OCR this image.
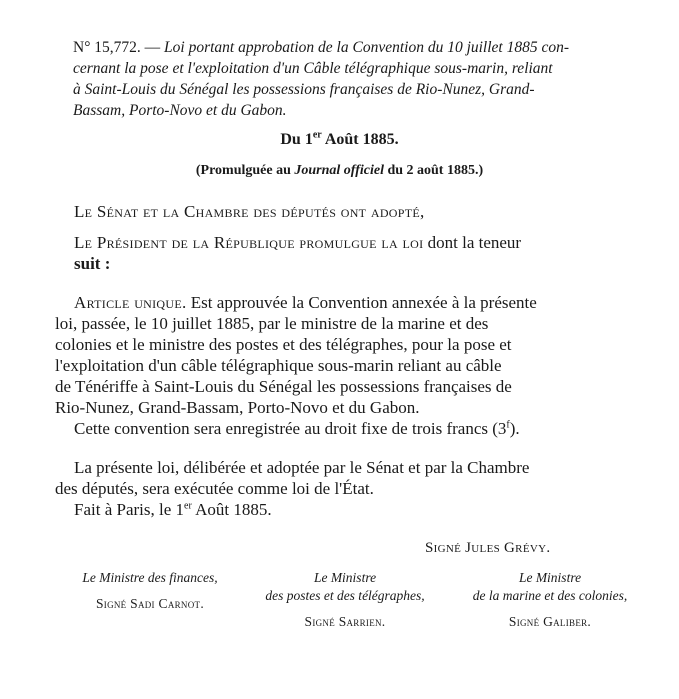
N° 15,772. — Loi portant approbation de la Convention du 10 juillet 1885 con-
cernant la pose et l'exploitation d'un Câble télégraphique sous-marin, reliant
à Saint-Louis du Sénégal les possessions françaises de Rio-Nunez, Grand-
Bassam, Porto-Novo et du Gabon.
Du 1er Août 1885.
(Promulguée au Journal officiel du 2 août 1885.)
Le Sénat et la Chambre des députés ont adopté,
Le Président de la République promulgue la loi dont la teneur
suit :
Article unique. Est approuvée la Convention annexée à la présente
loi, passée, le 10 juillet 1885, par le ministre de la marine et des
colonies et le ministre des postes et des télégraphes, pour la pose et
l'exploitation d'un câble télégraphique sous-marin reliant au câble
de Ténériffe à Saint-Louis du Sénégal les possessions françaises de
Rio-Nunez, Grand-Bassam, Porto-Novo et du Gabon.
Cette convention sera enregistrée au droit fixe de trois francs (3$^f$).
La présente loi, délibérée et adoptée par le Sénat et par la Chambre
des députés, sera exécutée comme loi de l'État.
Fait à Paris, le 1er Août 1885.
Signé Jules Grévy.
Le Ministre des finances,
Signé Sadi Carnot.
Le Ministre
des postes et des télégraphes,
Signé Sarrien.
Le Ministre
de la marine et des colonies,
Signé Galiber.
